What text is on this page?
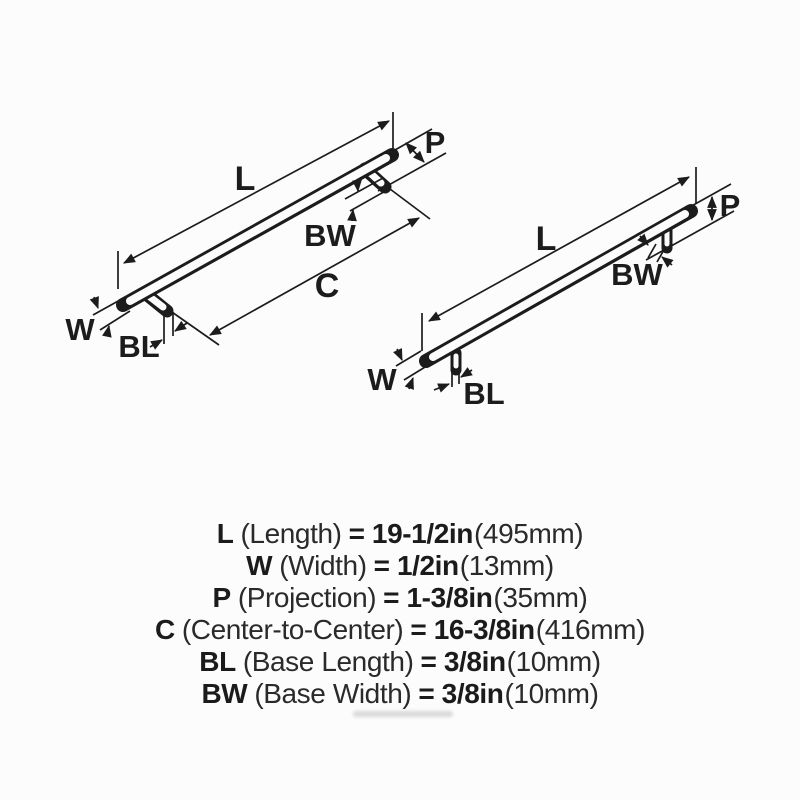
L
P
BW
C
W BL
L
P
BW
W BL
L (Length) = 19-1/2in(495mm)
W (Width) = 1/2in(13mm)
P (Projection) = 1-3/8in(35mm)
C (Center-to-Center) = 16-3/8in(416mm)
BL (Base Length) = 3/8in(10mm)
BW (Base Width) = 3/8in(10mm)
